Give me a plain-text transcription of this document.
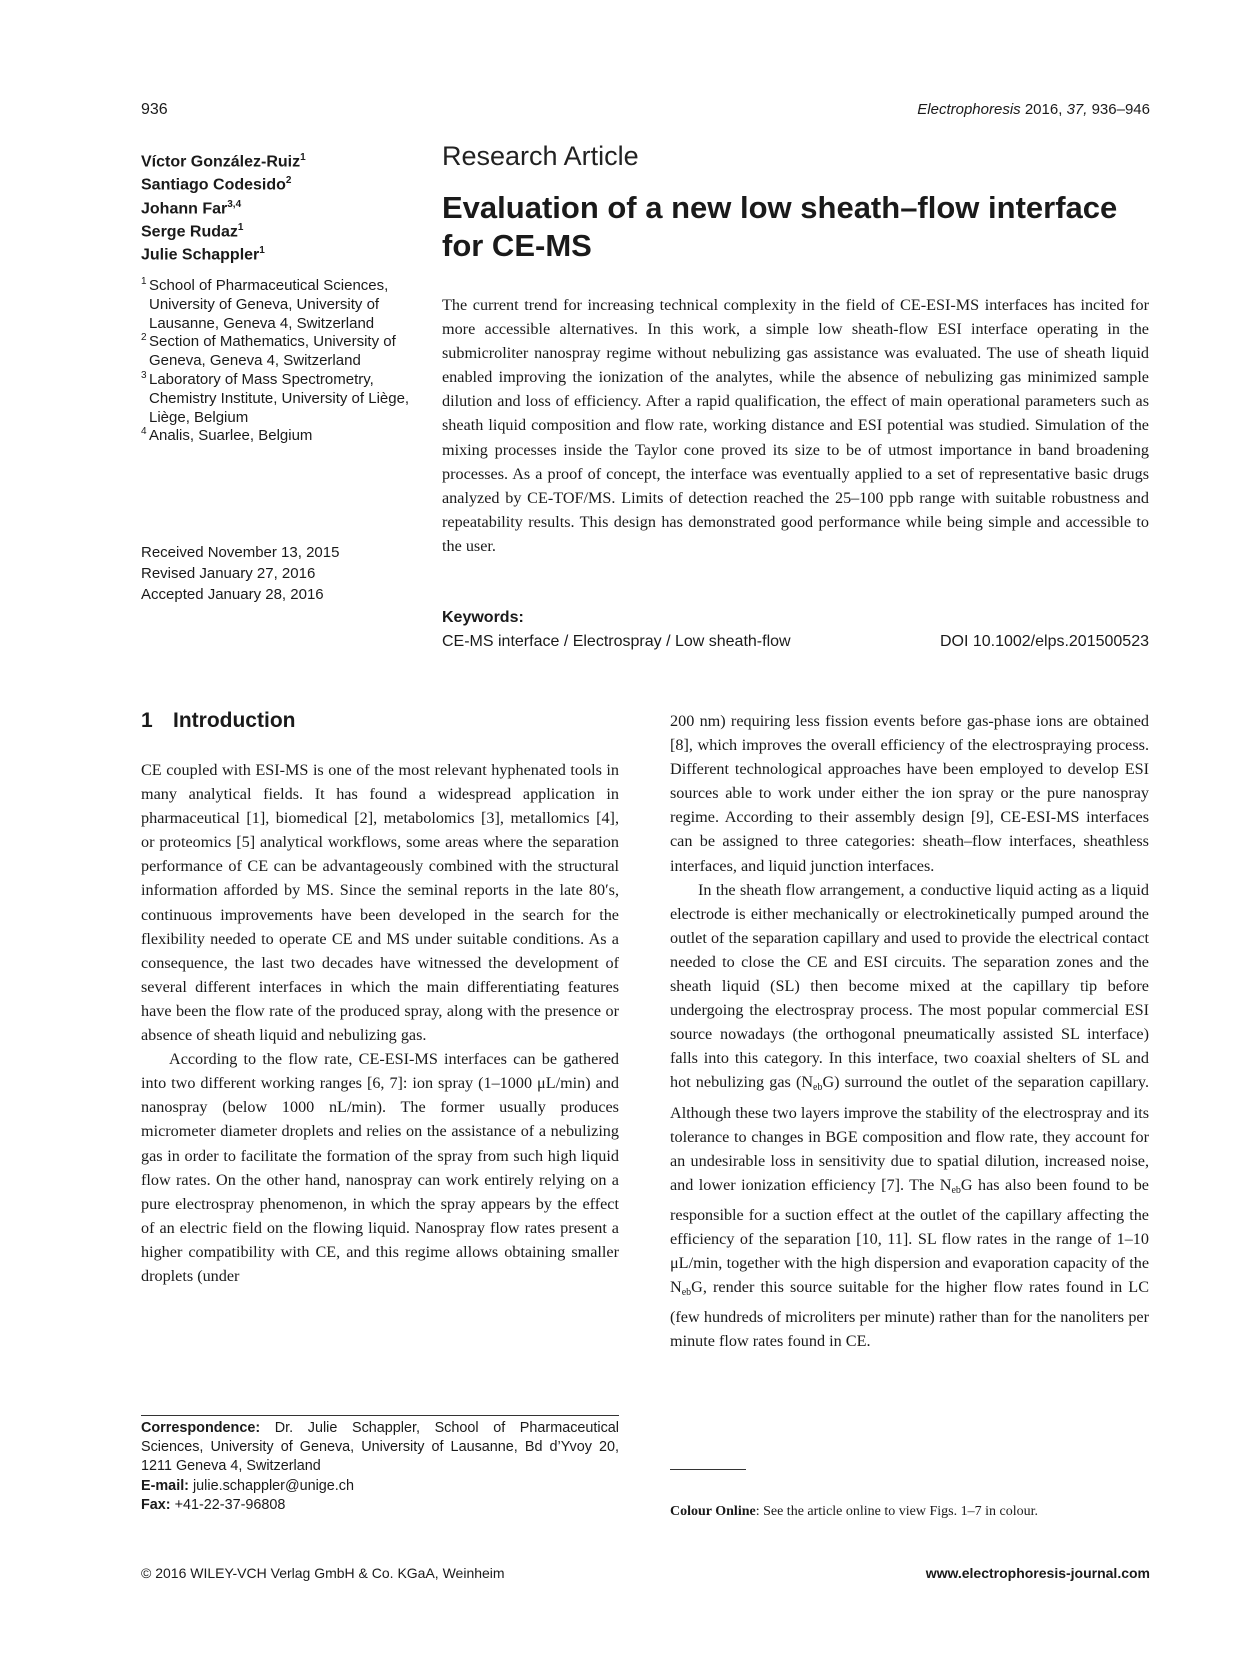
936	Electrophoresis 2016, 37, 936–946
Víctor González-Ruiz$^1$
Santiago Codesido$^2$
Johann Far$^{3,4}$
Serge Rudaz$^1$
Julie Schappler$^1$
1 School of Pharmaceutical Sciences, University of Geneva, University of Lausanne, Geneva 4, Switzerland
2 Section of Mathematics, University of Geneva, Geneva 4, Switzerland
3 Laboratory of Mass Spectrometry, Chemistry Institute, University of Liège, Liège, Belgium
4 Analis, Suarlee, Belgium
Received November 13, 2015
Revised January 27, 2016
Accepted January 28, 2016
Research Article
Evaluation of a new low sheath–flow interface for CE-MS
The current trend for increasing technical complexity in the field of CE-ESI-MS interfaces has incited for more accessible alternatives. In this work, a simple low sheath-flow ESI interface operating in the submicroliter nanospray regime without nebulizing gas assistance was evaluated. The use of sheath liquid enabled improving the ionization of the analytes, while the absence of nebulizing gas minimized sample dilution and loss of efficiency. After a rapid qualification, the effect of main operational parameters such as sheath liquid composition and flow rate, working distance and ESI potential was studied. Simulation of the mixing processes inside the Taylor cone proved its size to be of utmost importance in band broadening processes. As a proof of concept, the interface was eventually applied to a set of representative basic drugs analyzed by CE-TOF/MS. Limits of detection reached the 25–100 ppb range with suitable robustness and repeatability results. This design has demonstrated good performance while being simple and accessible to the user.
Keywords:
CE-MS interface / Electrospray / Low sheath-flow	DOI 10.1002/elps.201500523
1 Introduction

CE coupled with ESI-MS is one of the most relevant hyphenated tools in many analytical fields. It has found a widespread application in pharmaceutical [1], biomedical [2], metabolomics [3], metallomics [4], or proteomics [5] analytical workflows, some areas where the separation performance of CE can be advantageously combined with the structural information afforded by MS. Since the seminal reports in the late 80′s, continuous improvements have been developed in the search for the flexibility needed to operate CE and MS under suitable conditions. As a consequence, the last two decades have witnessed the development of several different interfaces in which the main differentiating features have been the flow rate of the produced spray, along with the presence or absence of sheath liquid and nebulizing gas.

According to the flow rate, CE-ESI-MS interfaces can be gathered into two different working ranges [6, 7]: ion spray (1–1000 μL/min) and nanospray (below 1000 nL/min). The former usually produces micrometer diameter droplets and relies on the assistance of a nebulizing gas in order to facilitate the formation of the spray from such high liquid flow rates. On the other hand, nanospray can work entirely relying on a pure electrospray phenomenon, in which the spray appears by the effect of an electric field on the flowing liquid. Nanospray flow rates present a higher compatibility with CE, and this regime allows obtaining smaller droplets (under

200 nm) requiring less fission events before gas-phase ions are obtained [8], which improves the overall efficiency of the electrospraying process. Different technological approaches have been employed to develop ESI sources able to work under either the ion spray or the pure nanospray regime. According to their assembly design [9], CE-ESI-MS interfaces can be assigned to three categories: sheath–flow interfaces, sheathless interfaces, and liquid junction interfaces.

In the sheath flow arrangement, a conductive liquid acting as a liquid electrode is either mechanically or electrokinetically pumped around the outlet of the separation capillary and used to provide the electrical contact needed to close the CE and ESI circuits. The separation zones and the sheath liquid (SL) then become mixed at the capillary tip before undergoing the electrospray process. The most popular commercial ESI source nowadays (the orthogonal pneumatically assisted SL interface) falls into this category. In this interface, two coaxial shelters of SL and hot nebulizing gas $(N_{eb}G)$ surround the outlet of the separation capillary. Although these two layers improve the stability of the electrospray and its tolerance to changes in BGE composition and flow rate, they account for an undesirable loss in sensitivity due to spatial dilution, increased noise, and lower ionization efficiency [7]. The $N_{eb}G$ has also been found to be responsible for a suction effect at the outlet of the capillary affecting the efficiency of the separation [10, 11]. SL flow rates in the range of 1–10 μL/min, together with the high dispersion and evaporation capacity of the $N_{eb}G$, render this source suitable for the higher flow rates found in LC (few hundreds of microliters per minute) rather than for the nanoliters per minute flow rates found in CE.

Correspondence: Dr. Julie Schappler, School of Pharmaceutical Sciences, University of Geneva, University of Lausanne, Bd d’Yvoy 20, 1211 Geneva 4, Switzerland
E-mail: julie.schappler@unige.ch
Fax: +41-22-37-96808	Colour Online: See the article online to view Figs. 1–7 in colour.
© 2016 WILEY-VCH Verlag GmbH & Co. KGaA, Weinheim	www.electrophoresis-journal.com
